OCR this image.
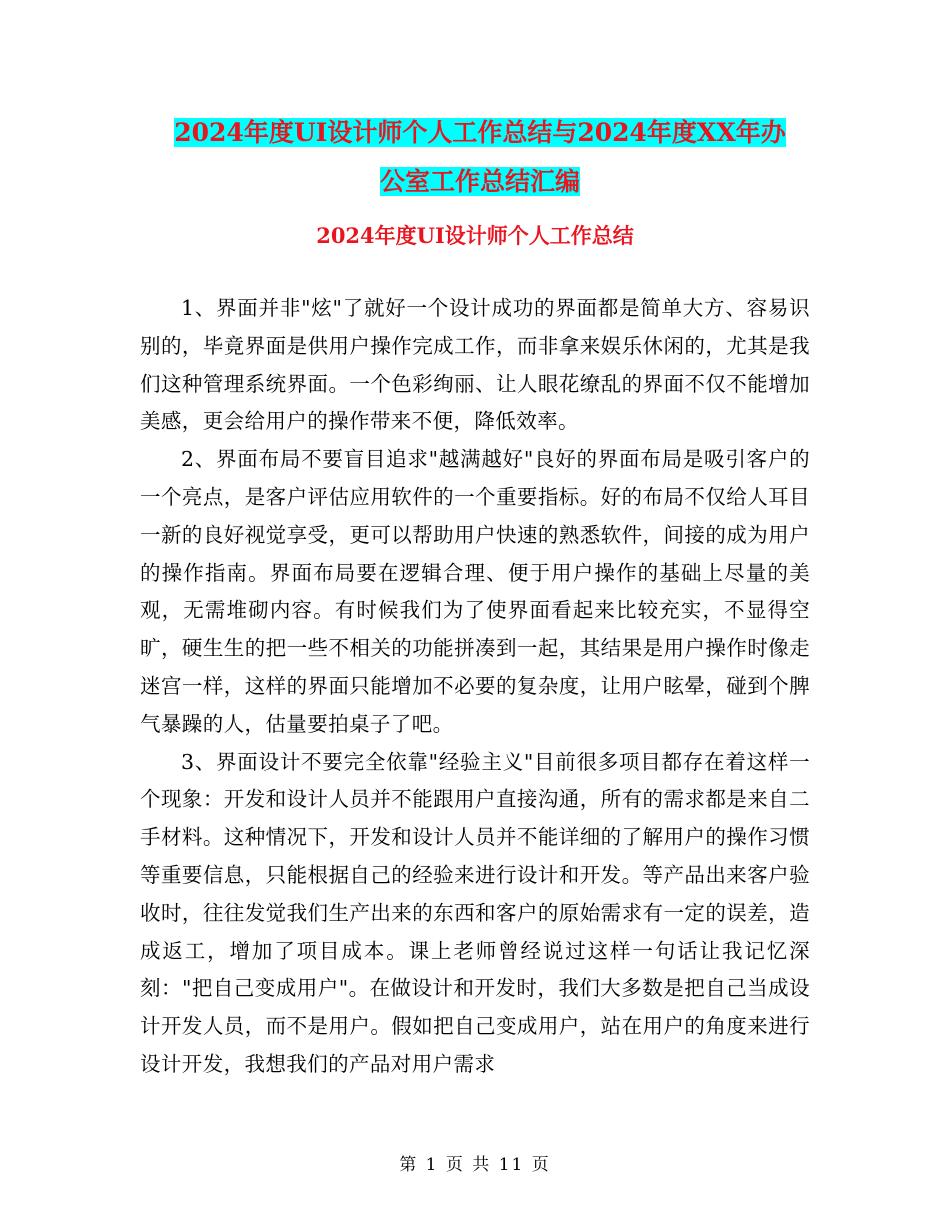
2024年度UI设计师个人工作总结与2024年度XX年办
公室工作总结汇编
2024年度UI设计师个人工作总结

1、界面并非"炫"了就好一个设计成功的界面都是简单大方、容易识别的，毕竟界面是供用户操作完成工作，而非拿来娱乐休闲的，尤其是我们这种管理系统界面。一个色彩绚丽、让人眼花缭乱的界面不仅不能增加美感，更会给用户的操作带来不便，降低效率。

2、界面布局不要盲目追求"越满越好"良好的界面布局是吸引客户的一个亮点，是客户评估应用软件的一个重要指标。好的布局不仅给人耳目一新的良好视觉享受，更可以帮助用户快速的熟悉软件，间接的成为用户的操作指南。界面布局要在逻辑合理、便于用户操作的基础上尽量的美观，无需堆砌内容。有时候我们为了使界面看起来比较充实，不显得空旷，硬生生的把一些不相关的功能拼凑到一起，其结果是用户操作时像走迷宫一样，这样的界面只能增加不必要的复杂度，让用户眩晕，碰到个脾气暴躁的人，估量要拍桌子了吧。

3、界面设计不要完全依靠"经验主义"目前很多项目都存在着这样一个现象：开发和设计人员并不能跟用户直接沟通，所有的需求都是来自二手材料。这种情况下，开发和设计人员并不能详细的了解用户的操作习惯等重要信息，只能根据自己的经验来进行设计和开发。等产品出来客户验收时，往往发觉我们生产出来的东西和客户的原始需求有一定的误差，造成返工，增加了项目成本。课上老师曾经说过这样一句话让我记忆深刻："把自己变成用户"。在做设计和开发时，我们大多数是把自己当成设计开发人员，而不是用户。假如把自己变成用户，站在用户的角度来进行设计开发，我想我们的产品对用户需求

第 1 页 共 11 页
